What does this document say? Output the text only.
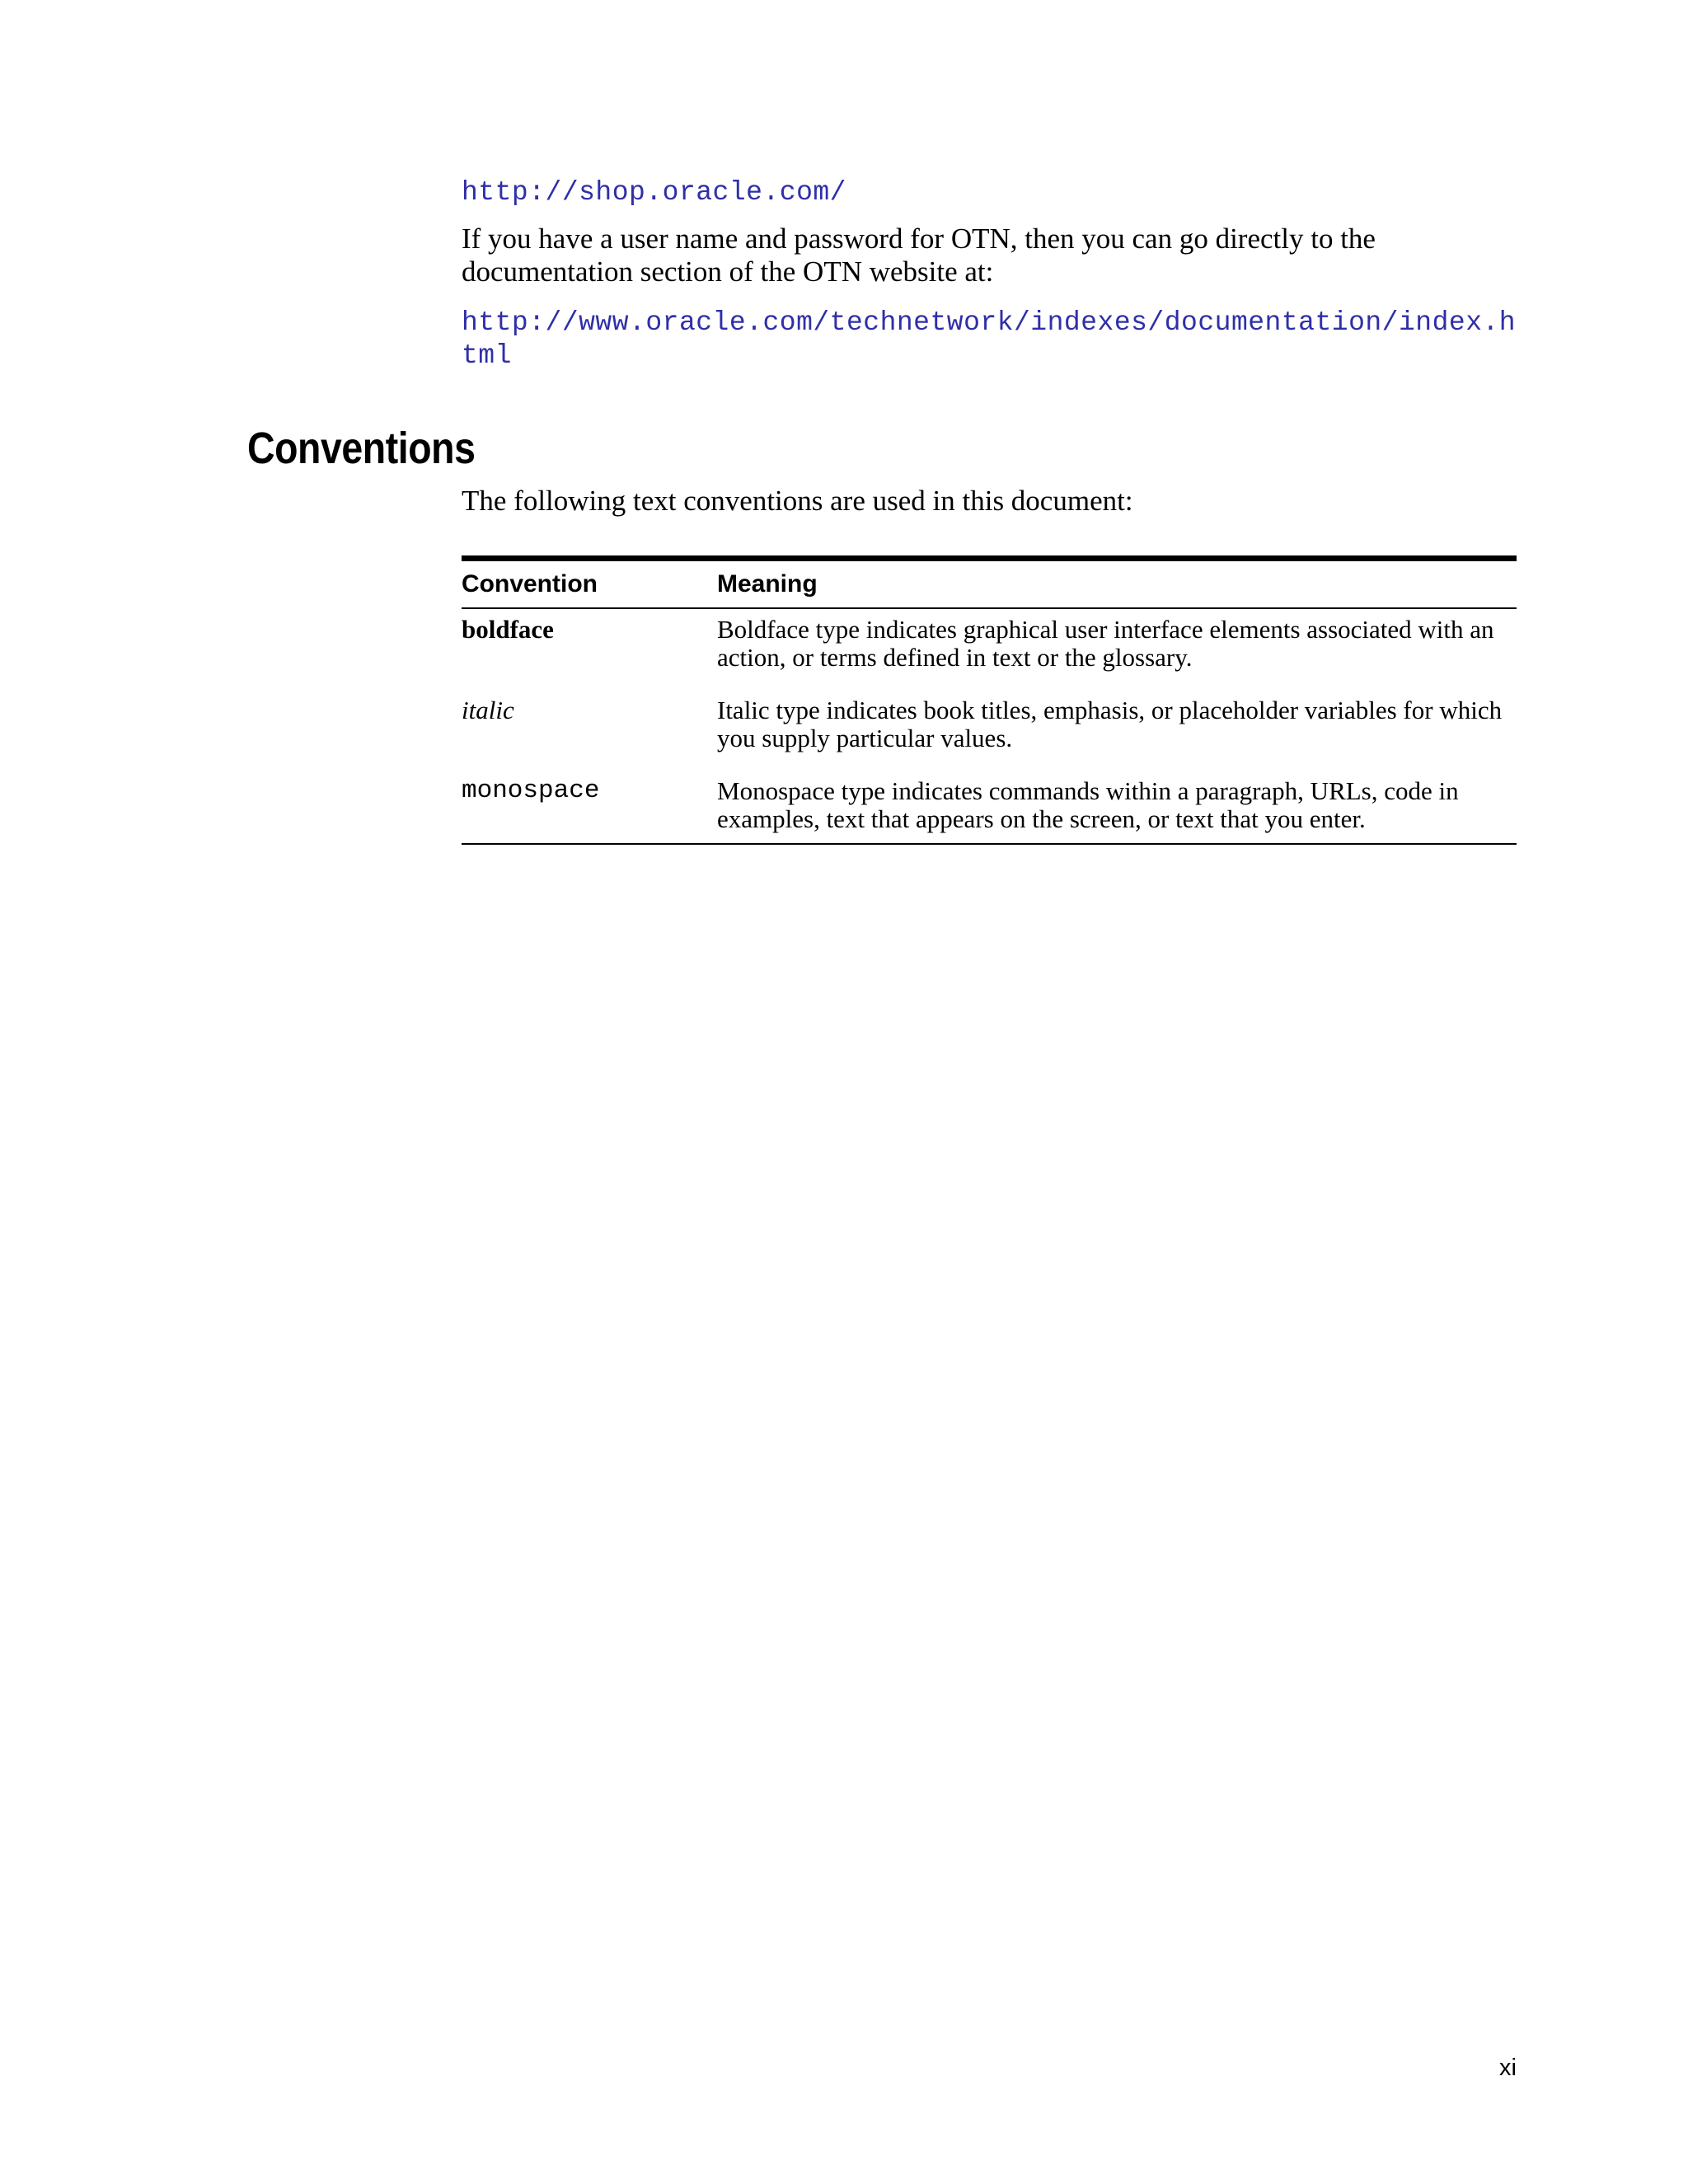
http://shop.oracle.com/

If you have a user name and password for OTN, then you can go directly to the documentation section of the OTN website at:

http://www.oracle.com/technetwork/indexes/documentation/index.html
Conventions

The following text conventions are used in this document:

Convention	Meaning
boldface	Boldface type indicates graphical user interface elements associated with an action, or terms defined in text or the glossary.
italic	Italic type indicates book titles, emphasis, or placeholder variables for which you supply particular values.
monospace	Monospace type indicates commands within a paragraph, URLs, code in examples, text that appears on the screen, or text that you enter.
xi
